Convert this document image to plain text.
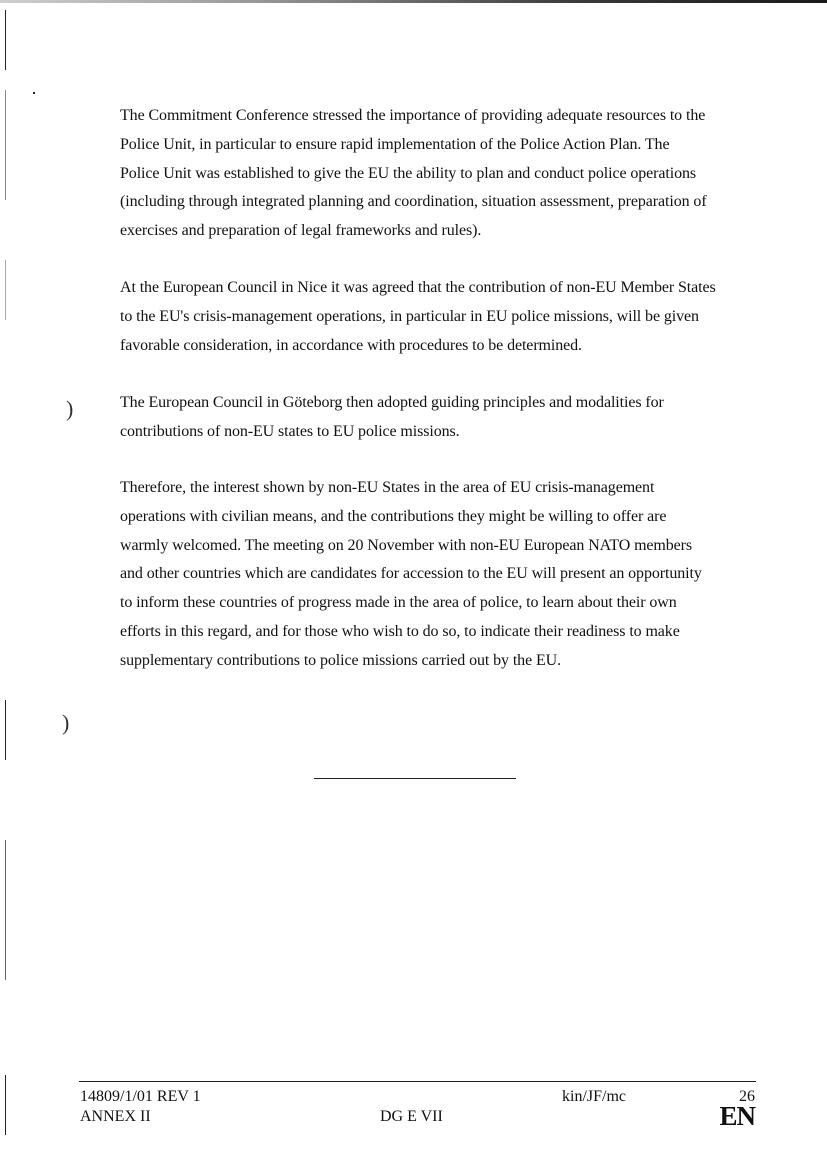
)
)

The Commitment Conference stressed the importance of providing adequate resources to the
Police Unit, in particular to ensure rapid implementation of the Police Action Plan. The
Police Unit was established to give the EU the ability to plan and conduct police operations
(including through integrated planning and coordination, situation assessment, preparation of
exercises and preparation of legal frameworks and rules).

At the European Council in Nice it was agreed that the contribution of non-EU Member States
to the EU's crisis-management operations, in particular in EU police missions, will be given
favorable consideration, in accordance with procedures to be determined.

The European Council in Göteborg then adopted guiding principles and modalities for
contributions of non-EU states to EU police missions.

Therefore, the interest shown by non-EU States in the area of EU crisis-management
operations with civilian means, and the contributions they might be willing to offer are
warmly welcomed. The meeting on 20 November with non-EU European NATO members
and other countries which are candidates for accession to the EU will present an opportunity
to inform these countries of progress made in the area of police, to learn about their own
efforts in this regard, and for those who wish to do so, to indicate their readiness to make
supplementary contributions to police missions carried out by the EU.

14809/1/01 REV 1
ANNEX II	DG E VII
kin/JF/mc	26
EN
